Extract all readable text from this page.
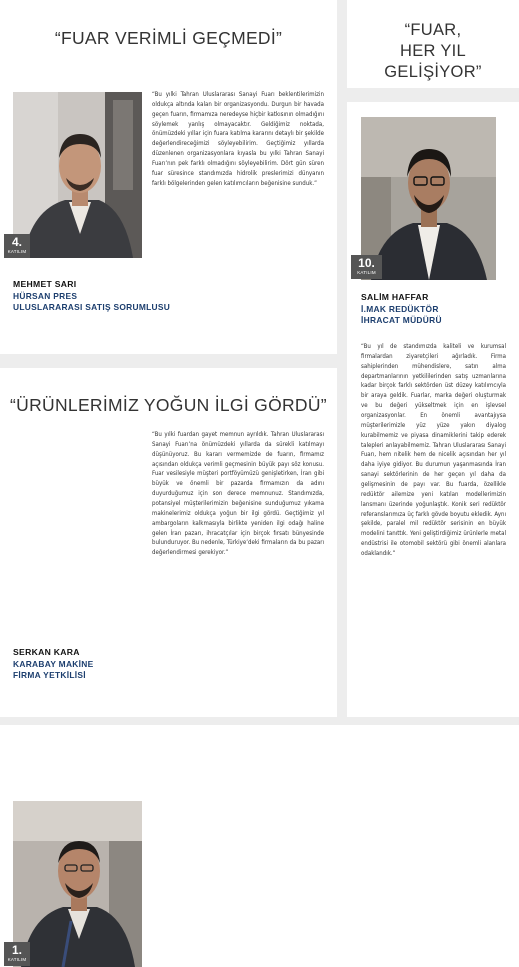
“FUAR VERİMLİ GEÇMEDİ”
4.
KATILIM

“Bu yılki Tahran Uluslararası Sanayi Fuarı beklentilerimizin oldukça altında kalan bir organizasyondu. Durgun bir havada geçen fuarın, firmamıza neredeyse hiçbir katkısının olmadığını söylemek yanlış olmayacaktır. Geldiğimiz noktada, önümüzdeki yıllar için fuara katılma kararını detaylı bir şekilde değerlendireceğimizi söyleyebilirim. Geçtiğimiz yıllarda düzenlenen organizasyonlara kıyasla bu yılki Tahran Sanayi Fuarı’nın pek farklı olmadığını söyleyebilirim. Dört gün süren fuar süresince standımızda hidrolik preslerimizi dünyanın farklı bölgelerinden gelen katılımcıların beğenisine sunduk.”

MEHMET SARI

HÜRSAN PRES

ULUSLARARASI SATIŞ SORUMLUSU

“ÜRÜNLERİMİZ YOĞUN İLGİ GÖRDÜ”
1.
KATILIM

“Bu yılki fuardan gayet memnun ayrıldık. Tahran Uluslararası Sanayi Fuarı’na önümüzdeki yıllarda da sürekli katılmayı düşünüyoruz. Bu kararı vermemizde de fuarın, firmamız açısından oldukça verimli geçmesinin büyük payı söz konusu. Fuar vesilesiyle müşteri portföyümüzü genişletirken, İran gibi büyük ve önemli bir pazarda firmamızın da adını duyurduğumuz için son derece memnunuz. Standımızda, potansiyel müşterilerimizin beğenisine sunduğumuz yıkama makinelerimiz oldukça yoğun bir ilgi gördü. Geçtiğimiz yıl ambargoların kalkmasıyla birlikte yeniden ilgi odağı haline gelen İran pazarı, ihracatçılar için birçok fırsatı bünyesinde bulunduruyor. Bu nedenle, Türkiye’deki firmaların da bu pazarı değerlendirmesi gerekiyor.”

SERKAN KARA

KARABAY MAKİNE

FİRMA YETKİLİSİ

“FUAR,
HER YIL
GELİŞİYOR”
10.
KATILIM

SALİM HAFFAR

İ.MAK REDÜKTÖR

İHRACAT MÜDÜRÜ

“Bu yıl de standımızda kaliteli ve kurumsal firmalardan ziyaretçileri ağırladık. Firma sahiplerinden mühendislere, satın alma departmanlarının yetkililerinden satış uzmanlarına kadar birçok farklı sektörden üst düzey katılımcıyla bir araya geldik. Fuarlar, marka değeri oluşturmak ve bu değeri yükseltmek için en işlevsel organizasyonlar. En önemli avantajıysa müşterilerimizle yüz yüze yakın diyalog kurabilmemiz ve piyasa dinamiklerini takip ederek talepleri anlayabilmemiz. Tahran Uluslararası Sanayi Fuarı, hem nitelik hem de nicelik açısından her yıl daha iyiye gidiyor. Bu durumun yaşanmasında İran sanayi sektörlerinin de her geçen yıl daha da gelişmesinin de payı var. Bu fuarda, özellikle redüktör ailemize yeni katılan modellerimizin lansmanı üzerinde yoğunlaştık. Konik seri redüktör referanslarımıza üç farklı gövde boyutu ekledik. Aynı şekilde, paralel mil redüktör serisinin en büyük modelini tanıttık. Yeni geliştirdiğimiz ürünlerle metal endüstrisi ile otomobil sektörü gibi önemli alanlara odaklandık.”
